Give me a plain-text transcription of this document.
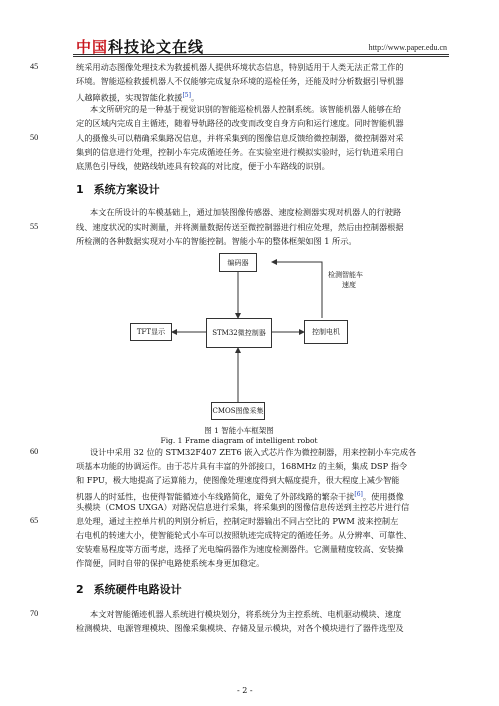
中国科技论文在线	http://www.paper.edu.cn
45
50
55
60
65
70
统采用动态图像处理技术为救援机器人提供环境状态信息，特别适用于人类无法正常工作的
环境。智能巡检救援机器人不仅能够完成复杂环境的巡检任务，还能及时分析数据引导机器
人越障救援，实现智能化救援[5]。
本文所研究的是一种基于视觉识别的智能巡检机器人控制系统。该智能机器人能够在给
定的区域内完成自主循迹，随着导轨路径的改变而改变自身方向和运行速度。同时智能机器
人的摄像头可以精确采集路况信息，并将采集到的图像信息反馈给微控制器，微控制器对采
集到的信息进行处理，控制小车完成循迹任务。在实验室进行模拟实验时，运行轨道采用白
底黑色引导线，使路线轨迹具有较高的对比度，便于小车路线的识别。
1 系统方案设计
本文在所设计的车模基础上，通过加装图像传感器、速度检测器实现对机器人的行驶路
线、速度状况的实时测量，并将测量数据传送至微控制器进行相应处理，然后由控制器根据
所检测的各种数据实现对小车的智能控制。智能小车的整体框架如图 1 所示。
编码器
检测智能车
速度
TFT显示	STM32微控制器	控制电机
CMOS图像采集
图 1 智能小车框架图
Fig. 1 Frame diagram of intelligent robot
设计中采用 32 位的 STM32F407 ZET6 嵌入式芯片作为微控制器，用来控制小车完成各
项基本功能的协调运作。由于芯片具有丰富的外部接口，168MHz 的主频，集成 DSP 指令
和 FPU，极大地提高了运算能力，使图像处理速度得到大幅度提升，很大程度上减少智能
机器人的时延性，也使得智能循迹小车线路简化，避免了外部线路的繁杂干扰[6]。使用摄像
头模块（CMOS UXGA）对路况信息进行采集，将采集到的图像信息传送到主控芯片进行信
息处理，通过主控单片机的判别分析后，控制定时器输出不同占空比的 PWM 波来控制左
右电机的转速大小，使智能轮式小车可以按照轨迹完成特定的循迹任务。从分辨率、可靠性、
安装难易程度等方面考虑，选择了光电编码器作为速度检测器件。它测量精度较高、安装操
作简便，同时自带的保护电路使系统本身更加稳定。
2 系统硬件电路设计
本文对智能循迹机器人系统进行模块划分，将系统分为主控系统、电机驱动模块、速度
检测模块、电源管理模块、图像采集模块、存储及显示模块，对各个模块进行了器件选型及
- 2 -
